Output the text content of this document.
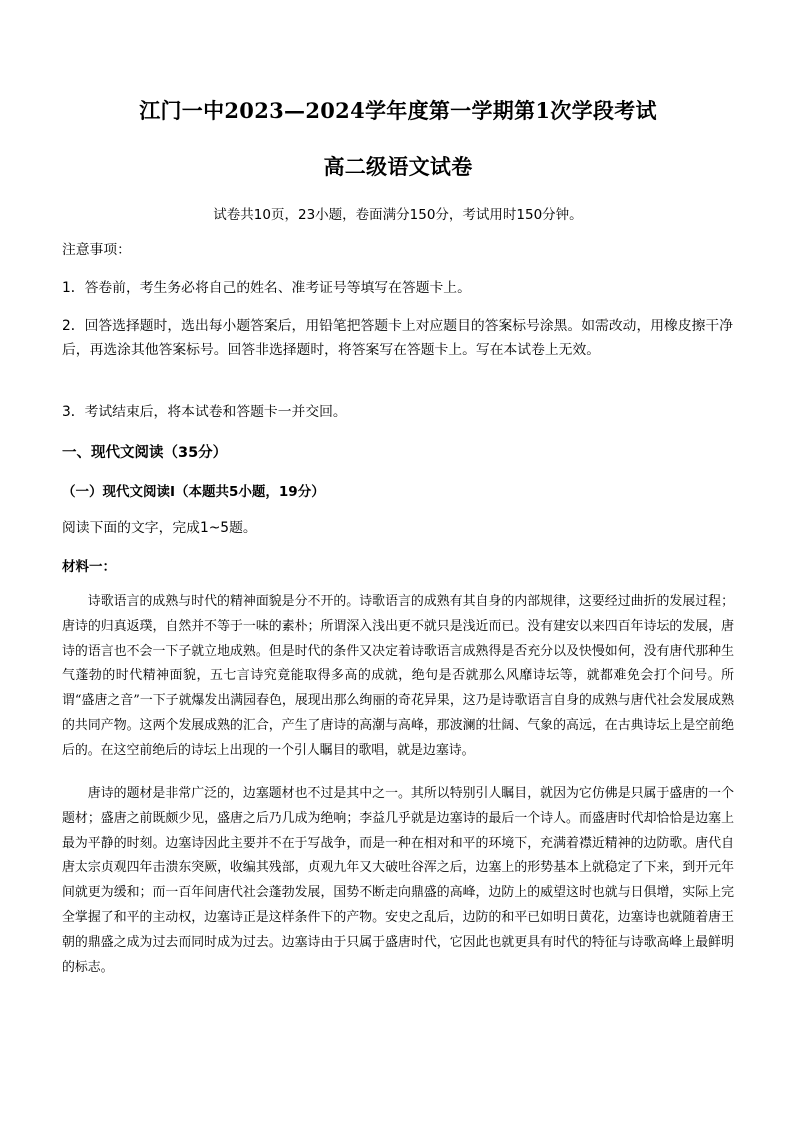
江门一中2023—2024学年度第一学期第1次学段考试
高二级语文试卷
试卷共10页，23小题，卷面满分150分，考试用时150分钟。
注意事项：
1．答卷前，考生务必将自己的姓名、准考证号等填写在答题卡上。
2．回答选择题时，选出每小题答案后，用铅笔把答题卡上对应题目的答案标号涂黑。如需改动，用橡皮擦干净后，再选涂其他答案标号。回答非选择题时，将答案写在答题卡上。写在本试卷上无效。
3．考试结束后，将本试卷和答题卡一并交回。
一、现代文阅读（35分）
（一）现代文阅读Ⅰ（本题共5小题，19分）
阅读下面的文字，完成1~5题。
材料一：
诗歌语言的成熟与时代的精神面貌是分不开的。诗歌语言的成熟有其自身的内部规律，这要经过曲折的发展过程；唐诗的归真返璞，自然并不等于一味的素朴；所谓深入浅出更不就只是浅近而已。没有建安以来四百年诗坛的发展，唐诗的语言也不会一下子就立地成熟。但是时代的条件又决定着诗歌语言成熟得是否充分以及快慢如何，没有唐代那种生气蓬勃的时代精神面貌，五七言诗究竟能取得多高的成就，绝句是否就那么风靡诗坛等，就都难免会打个问号。所谓“盛唐之音”一下子就爆发出满园春色，展现出那么绚丽的奇花异果，这乃是诗歌语言自身的成熟与唐代社会发展成熟的共同产物。这两个发展成熟的汇合，产生了唐诗的高潮与高峰，那波澜的壮阔、气象的高远，在古典诗坛上是空前绝后的。在这空前绝后的诗坛上出现的一个引人瞩目的歌唱，就是边塞诗。
唐诗的题材是非常广泛的，边塞题材也不过是其中之一。其所以特别引人瞩目，就因为它仿佛是只属于盛唐的一个题材；盛唐之前既颇少见，盛唐之后乃几成为绝响；李益几乎就是边塞诗的最后一个诗人。而盛唐时代却恰恰是边塞上最为平静的时刻。边塞诗因此主要并不在于写战争，而是一种在相对和平的环境下，充满着襟近精神的边防歌。唐代自唐太宗贞观四年击溃东突厥，收编其残部，贞观九年又大破吐谷浑之后，边塞上的形势基本上就稳定了下来，到开元年间就更为缓和；而一百年间唐代社会蓬勃发展，国势不断走向鼎盛的高峰，边防上的威望这时也就与日俱增，实际上完全掌握了和平的主动权，边塞诗正是这样条件下的产物。安史之乱后，边防的和平已如明日黄花，边塞诗也就随着唐王朝的鼎盛之成为过去而同时成为过去。边塞诗由于只属于盛唐时代，它因此也就更具有时代的特征与诗歌高峰上最鲜明的标志。
